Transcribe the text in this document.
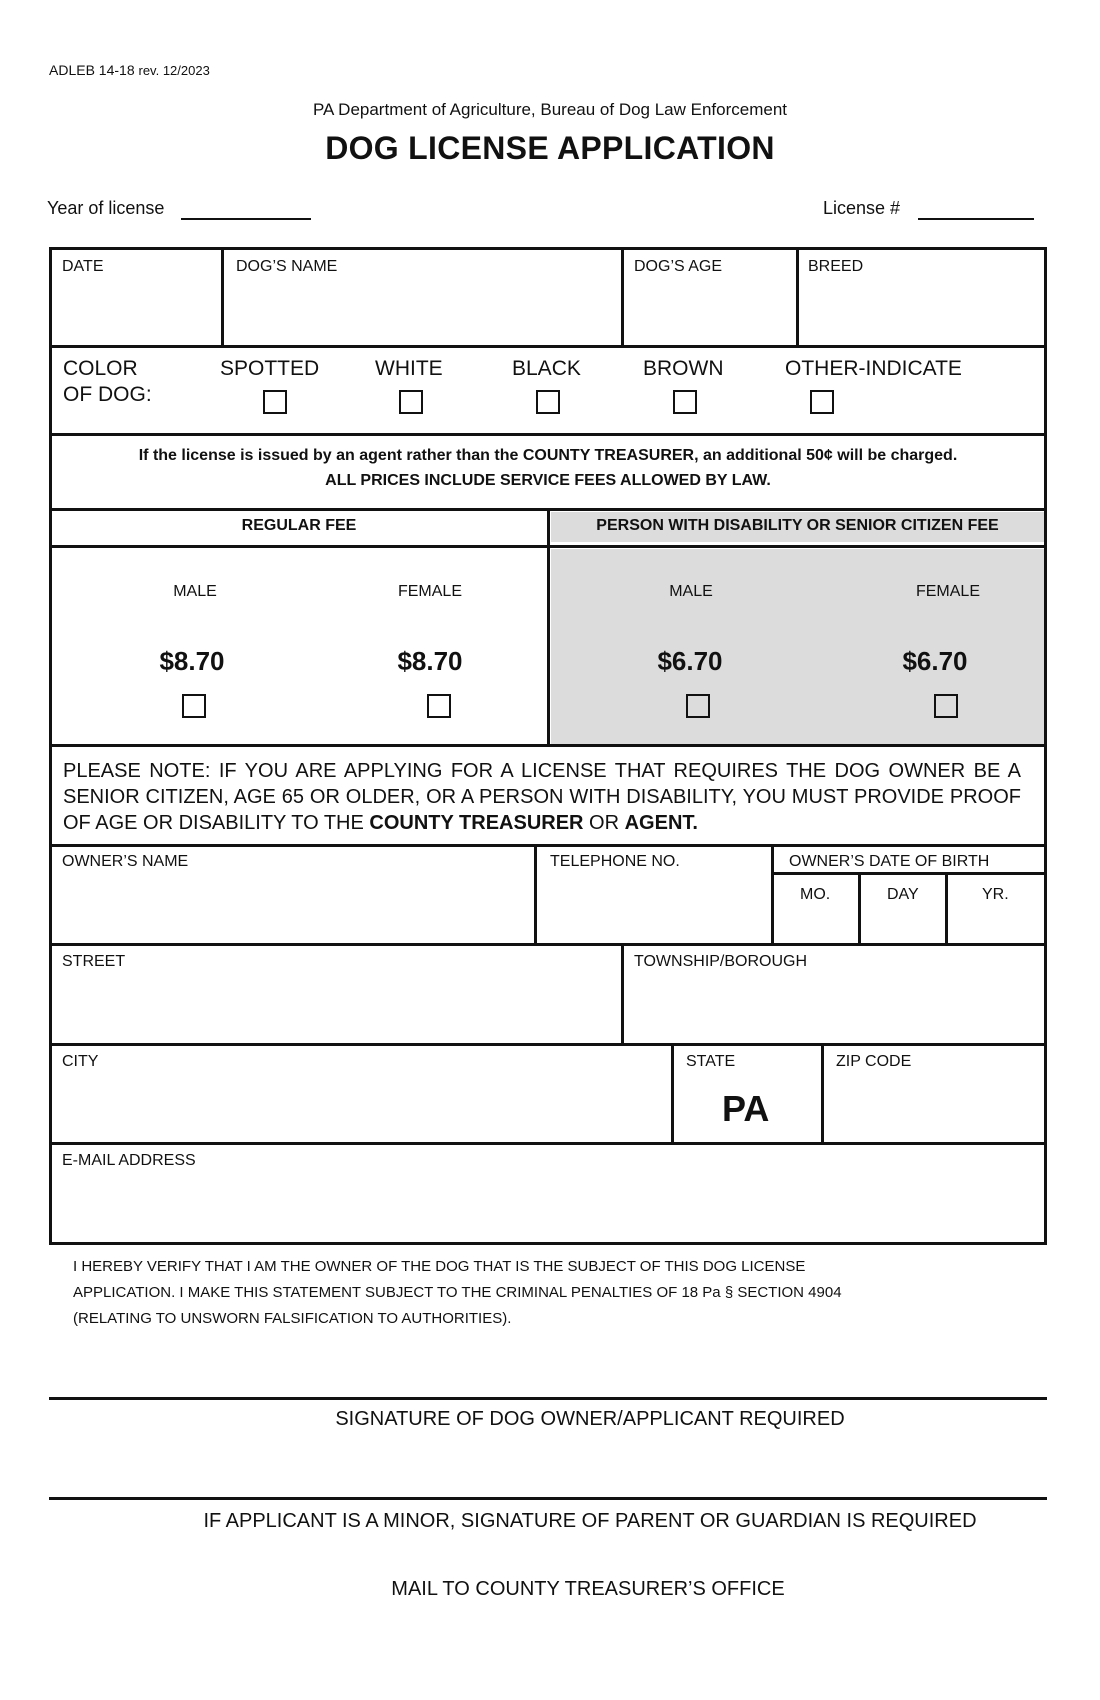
ADLEB 14-18 rev. 12/2023
PA Department of Agriculture, Bureau of Dog Law Enforcement
DOG LICENSE APPLICATION
Year of license	License #
DATE	DOG’S NAME	DOG’S AGE	BREED
COLOR
OF DOG:
SPOTTED	WHITE	BLACK	BROWN	OTHER-INDICATE
If the license is issued by an agent rather than the COUNTY TREASURER, an additional 50¢ will be charged.
ALL PRICES INCLUDE SERVICE FEES ALLOWED BY LAW.
REGULAR FEE	PERSON WITH DISABILITY OR SENIOR CITIZEN FEE
MALE	FEMALE	MALE	FEMALE
$8.70	$8.70	$6.70	$6.70
PLEASE NOTE: IF YOU ARE APPLYING FOR A LICENSE THAT REQUIRES THE DOG OWNER BE A SENIOR CITIZEN, AGE 65 OR OLDER, OR A PERSON WITH DISABILITY, YOU MUST PROVIDE PROOF OF AGE OR DISABILITY TO THE COUNTY TREASURER OR AGENT.
OWNER’S NAME	TELEPHONE NO.	OWNER’S DATE OF BIRTH
MO.	DAY	YR.
STREET	TOWNSHIP/BOROUGH
CITY	STATE	ZIP CODE
PA
E-MAIL ADDRESS
I HEREBY VERIFY THAT I AM THE OWNER OF THE DOG THAT IS THE SUBJECT OF THIS DOG LICENSE
APPLICATION. I MAKE THIS STATEMENT SUBJECT TO THE CRIMINAL PENALTIES OF 18 Pa § SECTION 4904
(RELATING TO UNSWORN FALSIFICATION TO AUTHORITIES).
SIGNATURE OF DOG OWNER/APPLICANT REQUIRED
IF APPLICANT IS A MINOR, SIGNATURE OF PARENT OR GUARDIAN IS REQUIRED
MAIL TO COUNTY TREASURER’S OFFICE
